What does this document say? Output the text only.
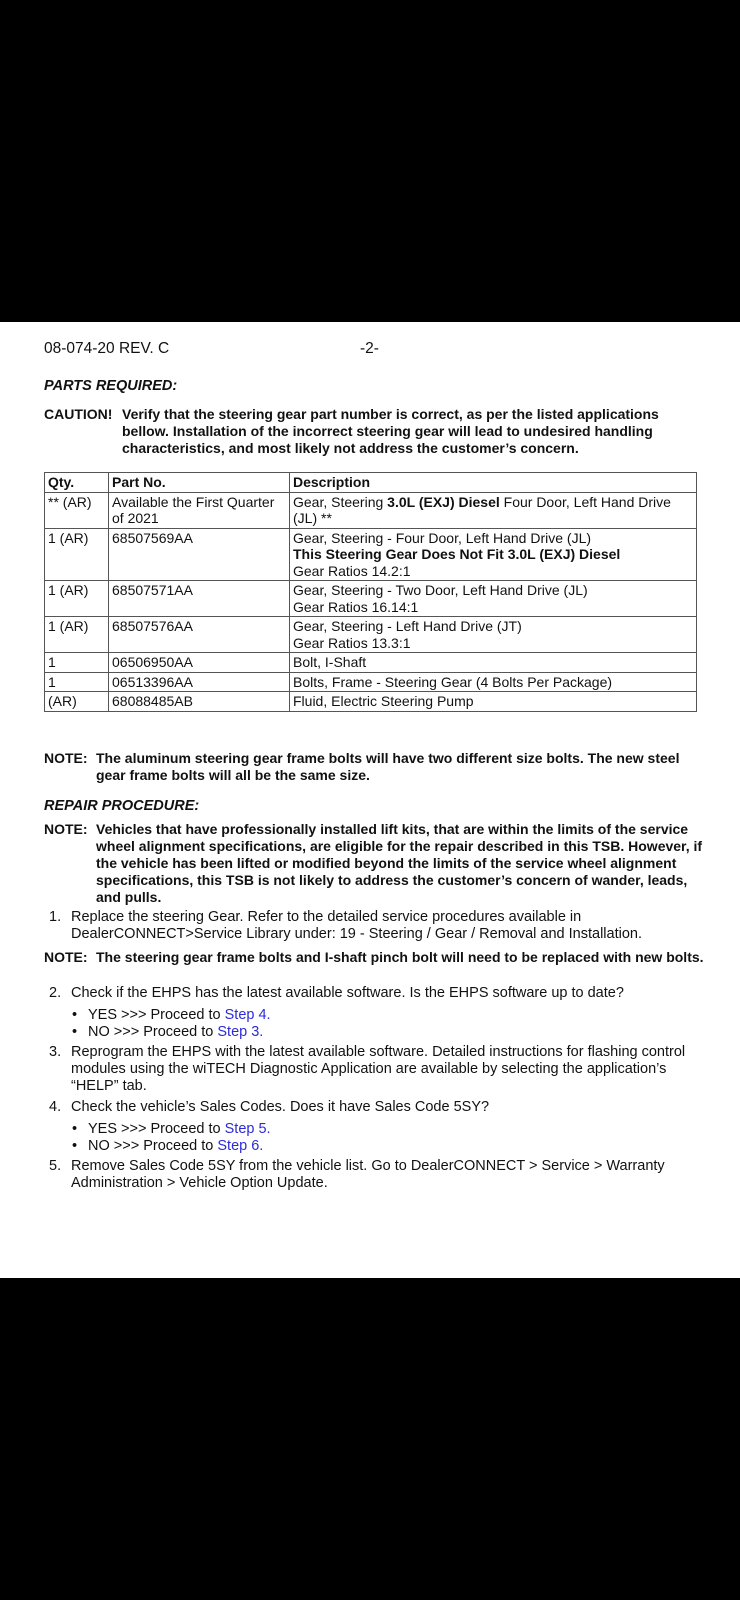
08-074-20 REV. C	-2-
PARTS REQUIRED:
CAUTION! Verify that the steering gear part number is correct, as per the listed applications bellow. Installation of the incorrect steering gear will lead to undesired handling characteristics, and most likely not address the customer’s concern.
Qty.	Part No.	Description
** (AR)	Available the First Quarter of 2021	Gear, Steering 3.0L (EXJ) Diesel Four Door, Left Hand Drive (JL) **
1 (AR)	68507569AA	Gear, Steering - Four Door, Left Hand Drive (JL)
This Steering Gear Does Not Fit 3.0L (EXJ) Diesel
Gear Ratios 14.2:1

1 (AR)	68507571AA	Gear, Steering - Two Door, Left Hand Drive (JL)
Gear Ratios 16.14:1

1 (AR)	68507576AA	Gear, Steering - Left Hand Drive (JT)
Gear Ratios 13.3:1

1	06506950AA	Bolt, I-Shaft
1	06513396AA	Bolts, Frame - Steering Gear (4 Bolts Per Package)
(AR)	68088485AB	Fluid, Electric Steering Pump
NOTE: The aluminum steering gear frame bolts will have two different size bolts. The new steel gear frame bolts will all be the same size.
REPAIR PROCEDURE:
NOTE: Vehicles that have professionally installed lift kits, that are within the limits of the service wheel alignment specifications, are eligible for the repair described in this TSB. However, if the vehicle has been lifted or modified beyond the limits of the service wheel alignment specifications, this TSB is not likely to address the customer’s concern of wander, leads, and pulls.
1. Replace the steering Gear. Refer to the detailed service procedures available in DealerCONNECT>Service Library under: 19 - Steering / Gear / Removal and Installation.
NOTE: The steering gear frame bolts and I-shaft pinch bolt will need to be replaced with new bolts.
2. Check if the EHPS has the latest available software. Is the EHPS software up to date?
• YES >>> Proceed to Step 4.
• NO >>> Proceed to Step 3.
3. Reprogram the EHPS with the latest available software. Detailed instructions for flashing control modules using the wiTECH Diagnostic Application are available by selecting the application’s “HELP” tab.
4. Check the vehicle’s Sales Codes. Does it have Sales Code 5SY?
• YES >>> Proceed to Step 5.
• NO >>> Proceed to Step 6.
5. Remove Sales Code 5SY from the vehicle list. Go to DealerCONNECT > Service > Warranty Administration > Vehicle Option Update.
